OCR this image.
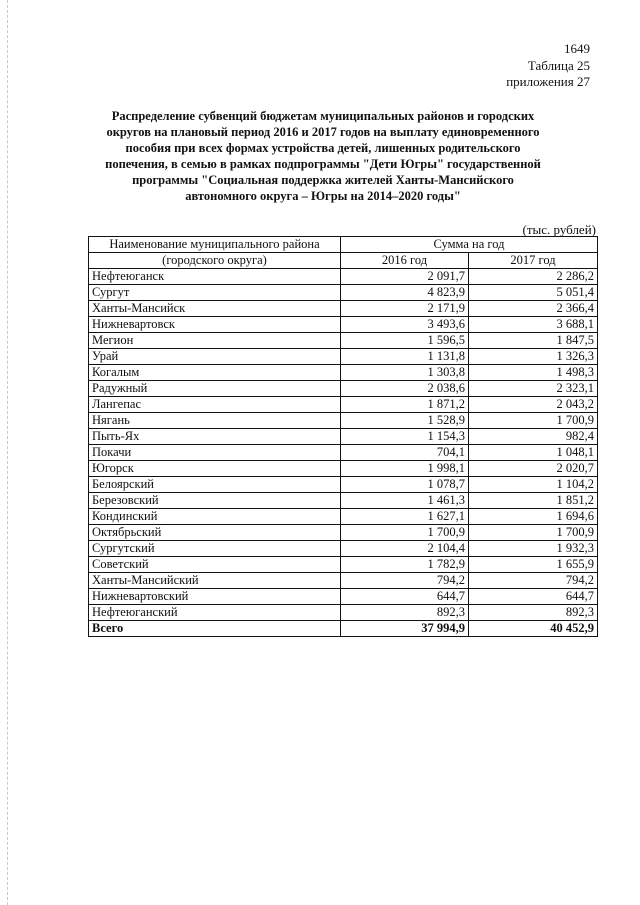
1649
Таблица 25
приложения 27
Распределение субвенций бюджетам муниципальных районов и городских
округов на плановый период 2016 и 2017 годов на выплату единовременного
пособия при всех формах устройства детей, лишенных родительского
попечения, в семью в рамках подпрограммы "Дети Югры" государственной
программы "Социальная поддержка жителей Ханты-Мансийского
автономного округа – Югры на 2014–2020 годы"
(тыс. рублей)
Наименование муниципального района	Сумма на год	
(городского округа)	2016 год	2017 год
Нефтеюганск	2 091,7	2 286,2
Сургут	4 823,9	5 051,4
Ханты-Мансийск	2 171,9	2 366,4
Нижневартовск	3 493,6	3 688,1
Мегион	1 596,5	1 847,5
Урай	1 131,8	1 326,3
Когалым	1 303,8	1 498,3
Радужный	2 038,6	2 323,1
Лангепас	1 871,2	2 043,2
Нягань	1 528,9	1 700,9
Пыть-Ях	1 154,3	982,4
Покачи	704,1	1 048,1
Югорск	1 998,1	2 020,7
Белоярский	1 078,7	1 104,2
Березовский	1 461,3	1 851,2
Кондинский	1 627,1	1 694,6
Октябрьский	1 700,9	1 700,9
Сургутский	2 104,4	1 932,3
Советский	1 782,9	1 655,9
Ханты-Мансийский	794,2	794,2
Нижневартовский	644,7	644,7
Нефтеюганский	892,3	892,3
Всего	37 994,9	40 452,9
